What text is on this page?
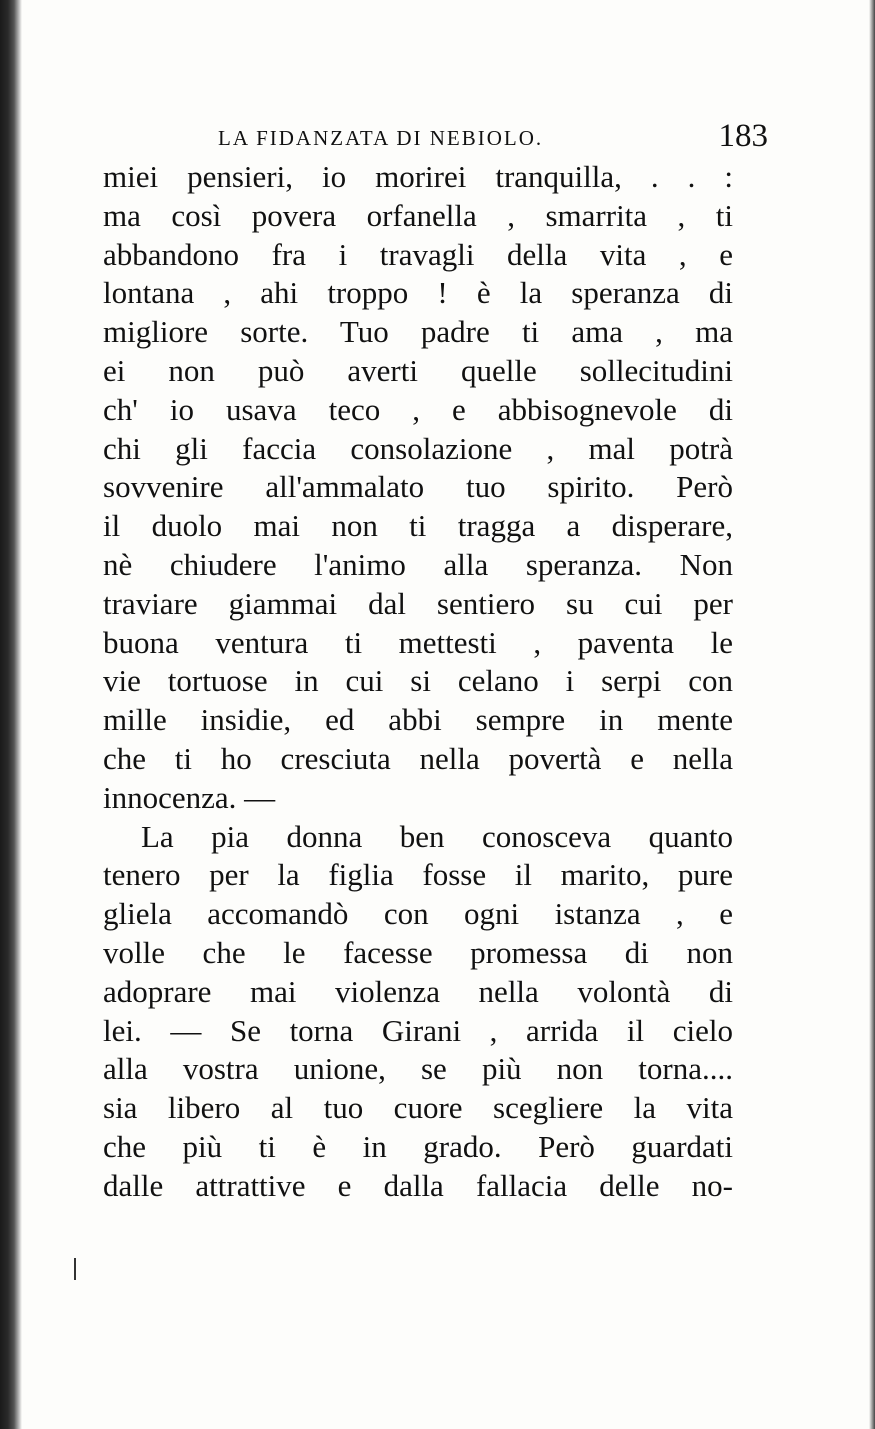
LA FIDANZATA DI NEBIOLO.	183
miei pensieri, io morirei tranquilla, . . :
ma così povera orfanella , smarrita , ti
abbandono fra i travagli della vita , e
lontana , ahi troppo ! è la speranza di
migliore sorte. Tuo padre ti ama , ma
ei non può averti quelle sollecitudini
ch' io usava teco , e abbisognevole di
chi gli faccia consolazione , mal potrà
sovvenire all'ammalato tuo spirito. Però
il duolo mai non ti tragga a disperare,
nè chiudere l'animo alla speranza. Non
traviare giammai dal sentiero su cui per
buona ventura ti mettesti , paventa le
vie tortuose in cui si celano i serpi con
mille insidie, ed abbi sempre in mente
che ti ho cresciuta nella povertà e nella
innocenza. —
La pia donna ben conosceva quanto
tenero per la figlia fosse il marito, pure
gliela accomandò con ogni istanza , e
volle che le facesse promessa di non
adoprare mai violenza nella volontà di
lei. — Se torna Girani , arrida il cielo
alla vostra unione, se più non torna....
sia libero al tuo cuore scegliere la vita
che più ti è in grado. Però guardati
dalle attrattive e dalla fallacia delle no-
